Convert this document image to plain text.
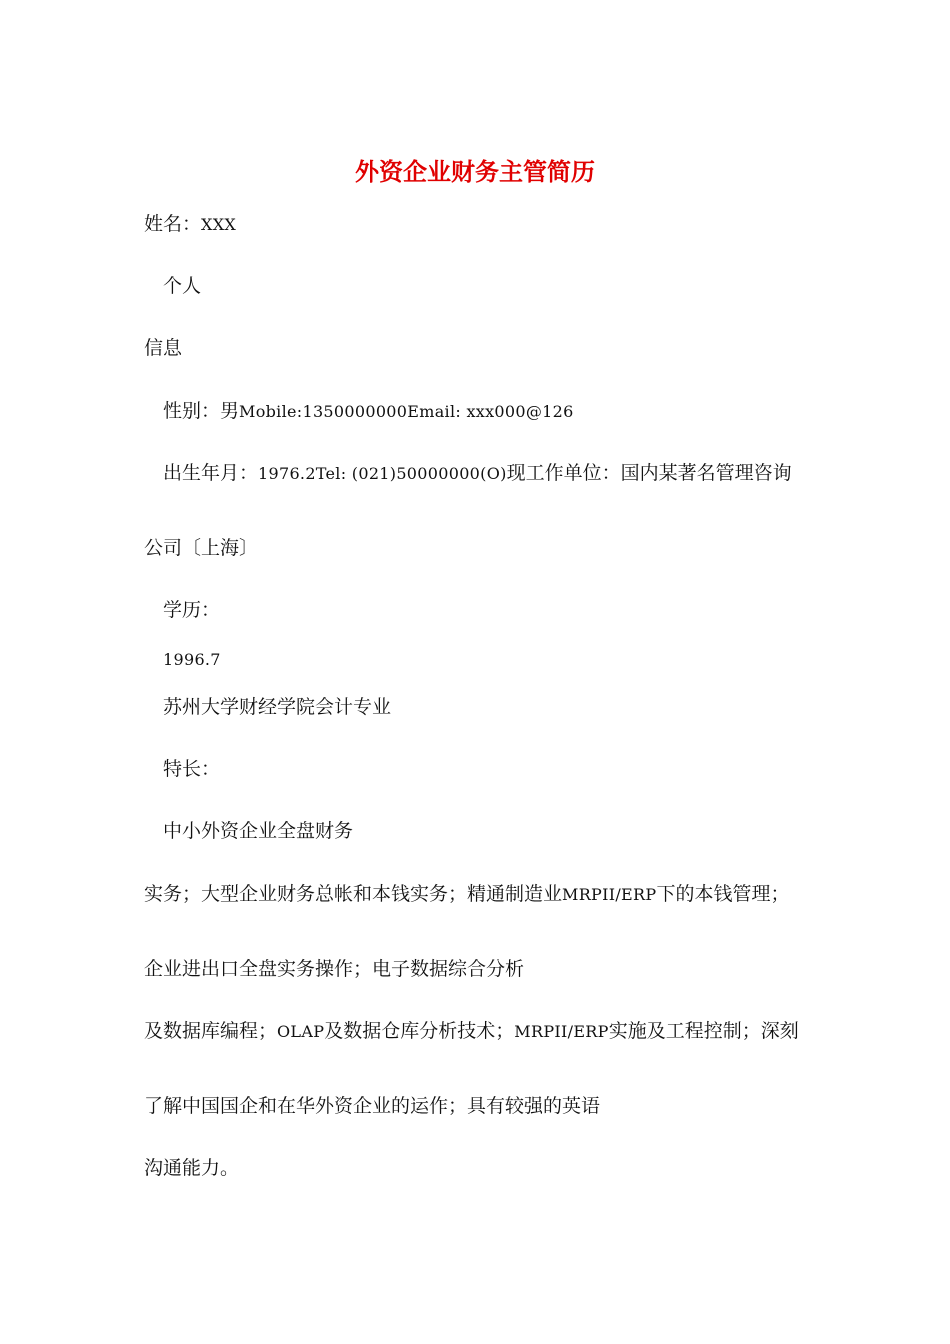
外资企业财务主管简历
姓名：XXX
个人
信息
性别：男Mobile:1350000000Email: xxx000@126
出生年月：1976.2Tel: (021)50000000(O)现工作单位：国内某著名管理咨询
公司〔上海〕
学历：
1996.7
苏州大学财经学院会计专业
特长：
中小外资企业全盘财务
实务；大型企业财务总帐和本钱实务；精通制造业MRPII/ERP下的本钱管理；
企业进出口全盘实务操作；电子数据综合分析
及数据库编程；OLAP及数据仓库分析技术；MRPII/ERP实施及工程控制；深刻
了解中国国企和在华外资企业的运作；具有较强的英语
沟通能力。
